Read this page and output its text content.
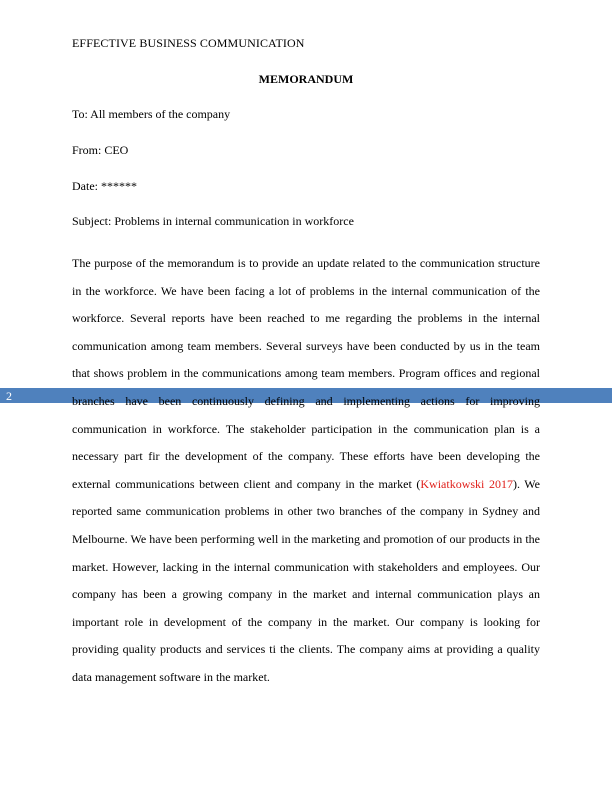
EFFECTIVE BUSINESS COMMUNICATION
MEMORANDUM
To: All members of the company
From: CEO
Date: ******
Subject: Problems in internal communication in workforce
2
The purpose of the memorandum is to provide an update related to the communication structure in the workforce. We have been facing a lot of problems in the internal communication of the workforce. Several reports have been reached to me regarding the problems in the internal communication among team members. Several surveys have been conducted by us in the team that shows problem in the communications among team members. Program offices and regional branches have been continuously defining and implementing actions for improving communication in workforce. The stakeholder participation in the communication plan is a necessary part fir the development of the company. These efforts have been developing the external communications between client and company in the market (Kwiatkowski 2017). We reported same communication problems in other two branches of the company in Sydney and Melbourne. We have been performing well in the marketing and promotion of our products in the market. However, lacking in the internal communication with stakeholders and employees. Our company has been a growing company in the market and internal communication plays an important role in development of the company in the market. Our company is looking for providing quality products and services ti the clients. The company aims at providing a quality data management software in the market.
